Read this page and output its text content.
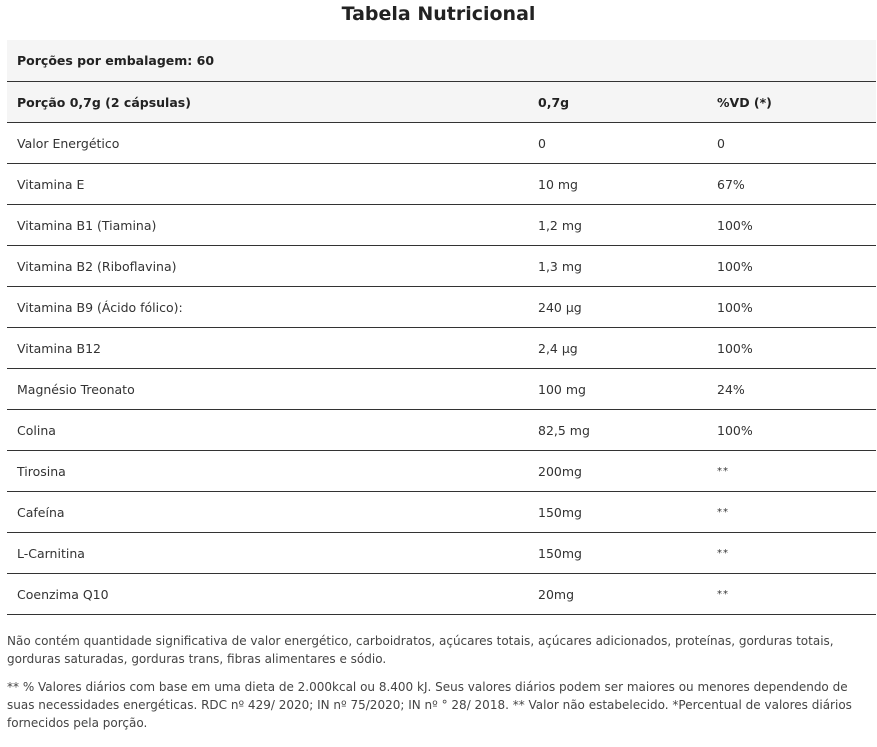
Tabela Nutricional
Porções por embalagem: 60
Porção 0,7g (2 cápsulas)	0,7g	%VD (*)
Valor Energético	0	0
Vitamina E	10 mg	67%
Vitamina B1 (Tiamina)	1,2 mg	100%
Vitamina B2 (Riboflavina)	1,3 mg	100%
Vitamina B9 (Ácido fólico):	240 μg	100%
Vitamina B12	2,4 μg	100%
Magnésio Treonato	100 mg	24%
Colina	82,5 mg	100%
Tirosina	200mg	**
Cafeína	150mg	**
L-Carnitina	150mg	**
Coenzima Q10	20mg	**

Não contém quantidade significativa de valor energético, carboidratos, açúcares totais, açúcares adicionados, proteínas, gorduras totais, gorduras saturadas, gorduras trans, fibras alimentares e sódio.

** % Valores diários com base em uma dieta de 2.000kcal ou 8.400 kJ. Seus valores diários podem ser maiores ou menores dependendo de suas necessidades energéticas. RDC nº 429/ 2020; IN nº 75/2020; IN nº ° 28/ 2018. ** Valor não estabelecido. *Percentual de valores diários fornecidos pela porção.
